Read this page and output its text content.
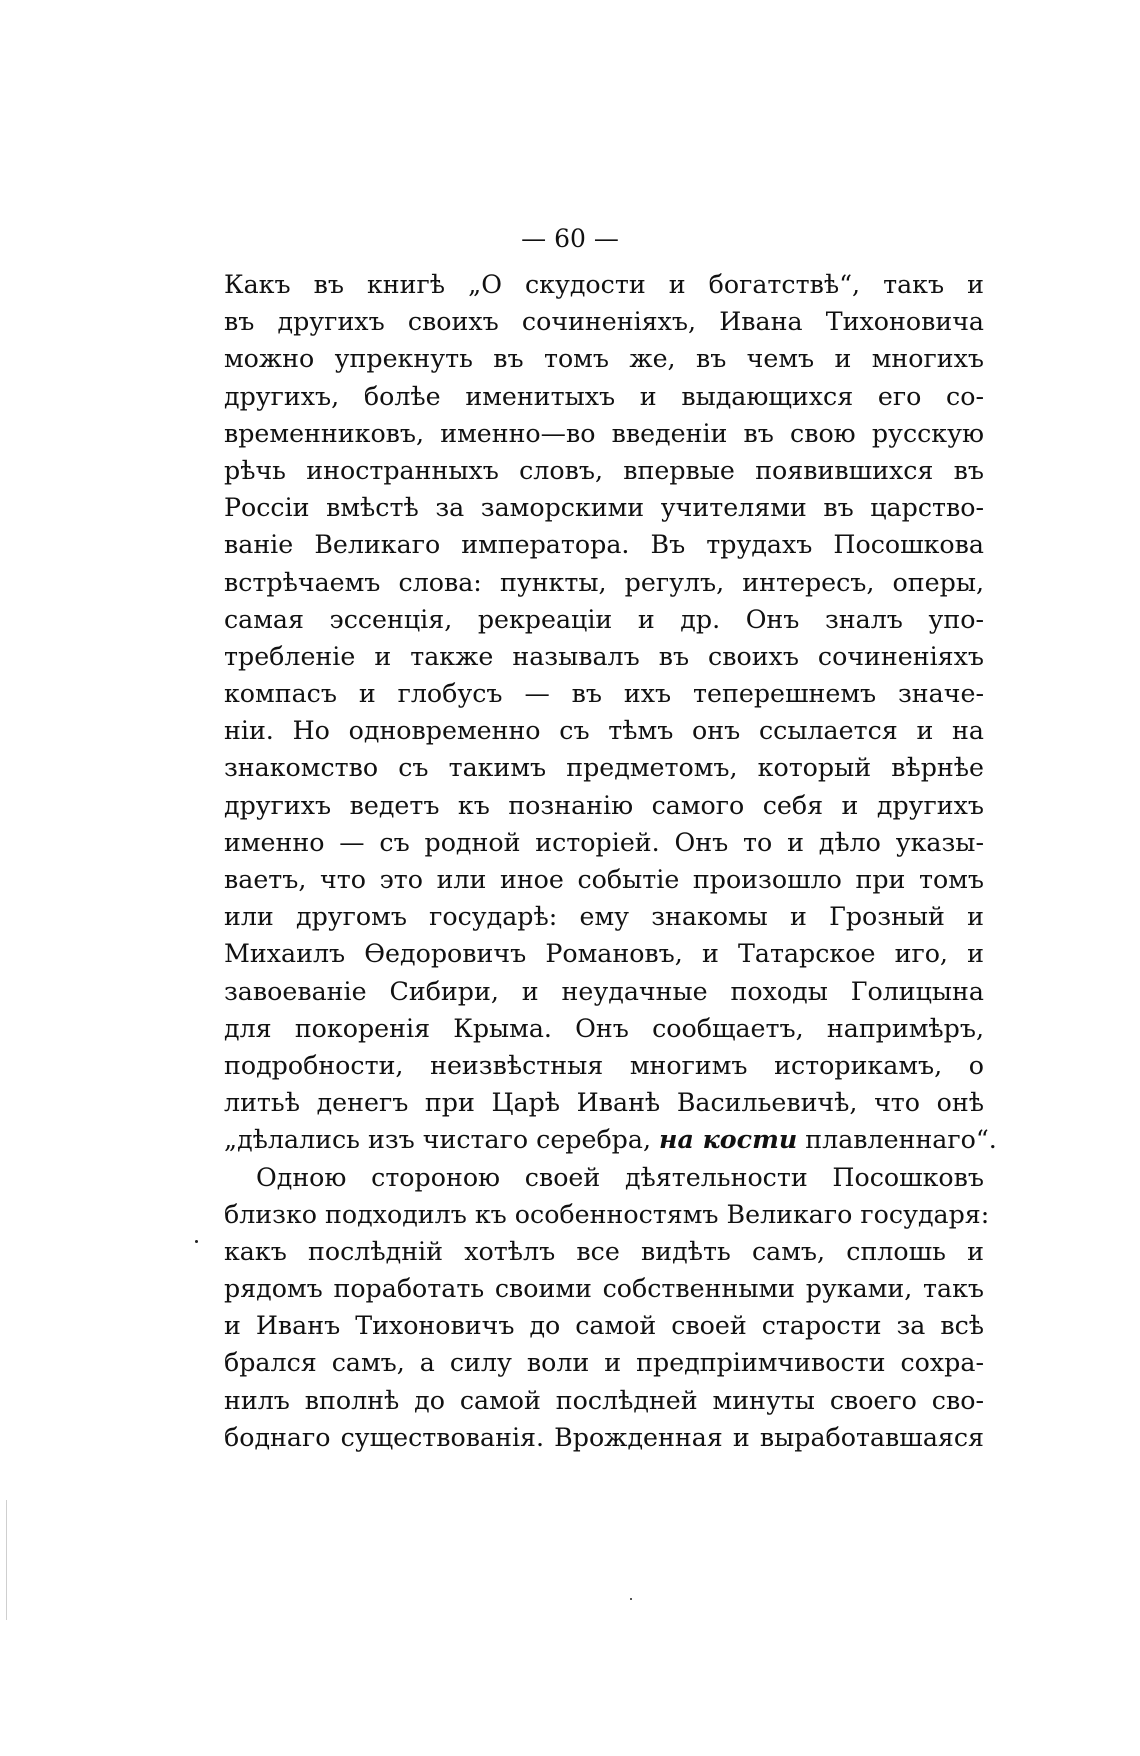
— 60 —
Какъ въ книгѣ „О скудости и богатствѣ“, такъ и
въ другихъ своихъ сочиненіяхъ, Ивана Тихоновича
можно упрекнуть въ томъ же, въ чемъ и многихъ
другихъ, болѣе именитыхъ и выдающихся его со-
временниковъ, именно—во введеніи въ свою русскую
рѣчь иностранныхъ словъ, впервые появившихся въ
Россіи вмѣстѣ за заморскими учителями въ царство-
ваніе Великаго императора. Въ трудахъ Посошкова
встрѣчаемъ слова: пункты, регулъ, интересъ, оперы,
самая эссенція, рекреаціи и др. Онъ зналъ упо-
требленіе и также называлъ въ своихъ сочиненіяхъ
компасъ и глобусъ — въ ихъ теперешнемъ значе-
ніи. Но одновременно съ тѣмъ онъ ссылается и на
знакомство съ такимъ предметомъ, который вѣрнѣе
другихъ ведетъ къ познанію самого себя и другихъ
именно — съ родной исторіей. Онъ то и дѣло указы-
ваетъ, что это или иное событіе произошло при томъ
или другомъ государѣ: ему знакомы и Грозный и
Михаилъ Ѳедоровичъ Романовъ, и Татарское иго, и
завоеваніе Сибири, и неудачные походы Голицына
для покоренія Крыма. Онъ сообщаетъ, напримѣръ,
подробности, неизвѣстныя многимъ историкамъ, о
литьѣ денегъ при Царѣ Иванѣ Васильевичѣ, что онѣ
„дѣлались изъ чистаго серебра, на кости плавленнаго“.
Одною стороною своей дѣятельности Посошковъ
близко подходилъ къ особенностямъ Великаго государя:
какъ послѣдній хотѣлъ все видѣть самъ, сплошь и
рядомъ поработать своими собственными руками, такъ
и Иванъ Тихоновичъ до самой своей старости за всѣ
брался самъ, а силу воли и предпріимчивости сохра-
нилъ вполнѣ до самой послѣдней минуты своего сво-
боднаго существованія. Врожденная и выработавшаяся
